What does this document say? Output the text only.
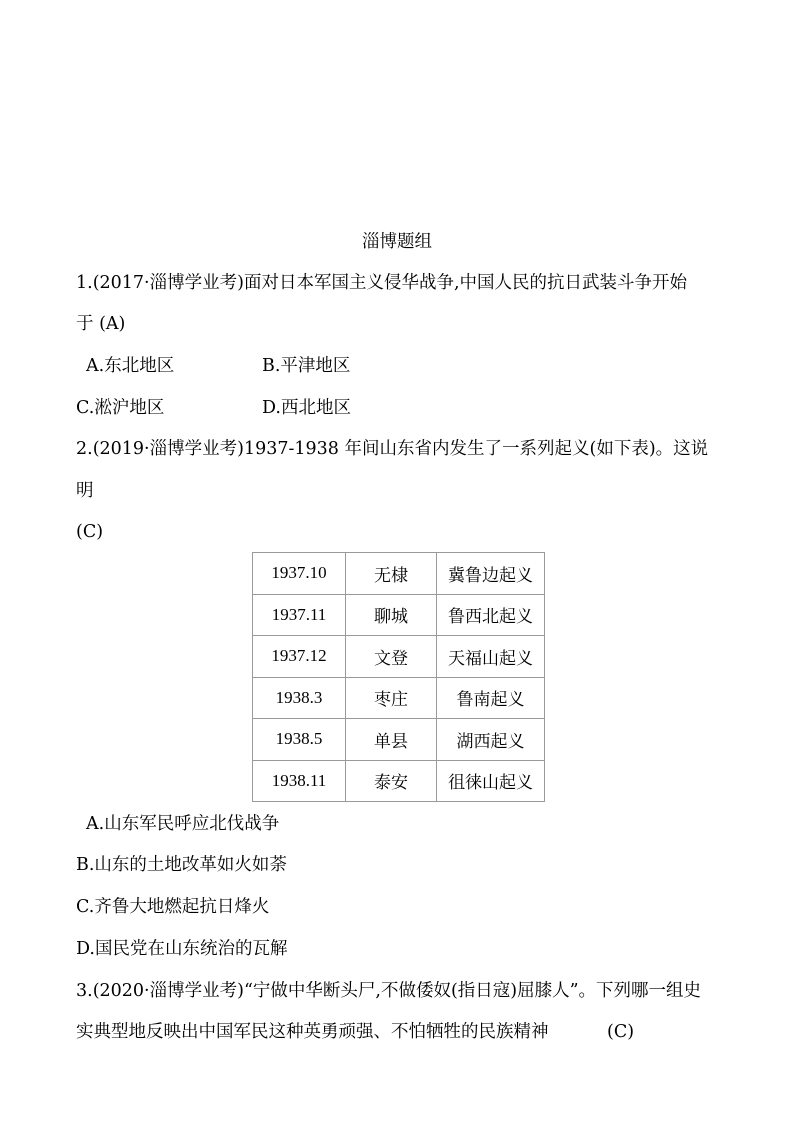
淄博题组
1.(2017·淄博学业考)面对日本军国主义侵华战争,中国人民的抗日武装斗争开始
于 (A)
A.东北地区	B.平津地区
C.淞沪地区	D.西北地区
2.(2019·淄博学业考)1937-1938 年间山东省内发生了一系列起义(如下表)。这说
明
(C)
1937.10	无棣	冀鲁边起义
1937.11	聊城	鲁西北起义
1937.12	文登	天福山起义
1938.3	枣庄	鲁南起义
1938.5	单县	湖西起义
1938.11	泰安	徂徕山起义
A.山东军民呼应北伐战争
B.山东的土地改革如火如荼
C.齐鲁大地燃起抗日烽火
D.国民党在山东统治的瓦解
3.(2020·淄博学业考)“宁做中华断头尸,不做倭奴(指日寇)屈膝人”。下列哪一组史
实典型地反映出中国军民这种英勇顽强、不怕牺牲的民族精神	(C)
